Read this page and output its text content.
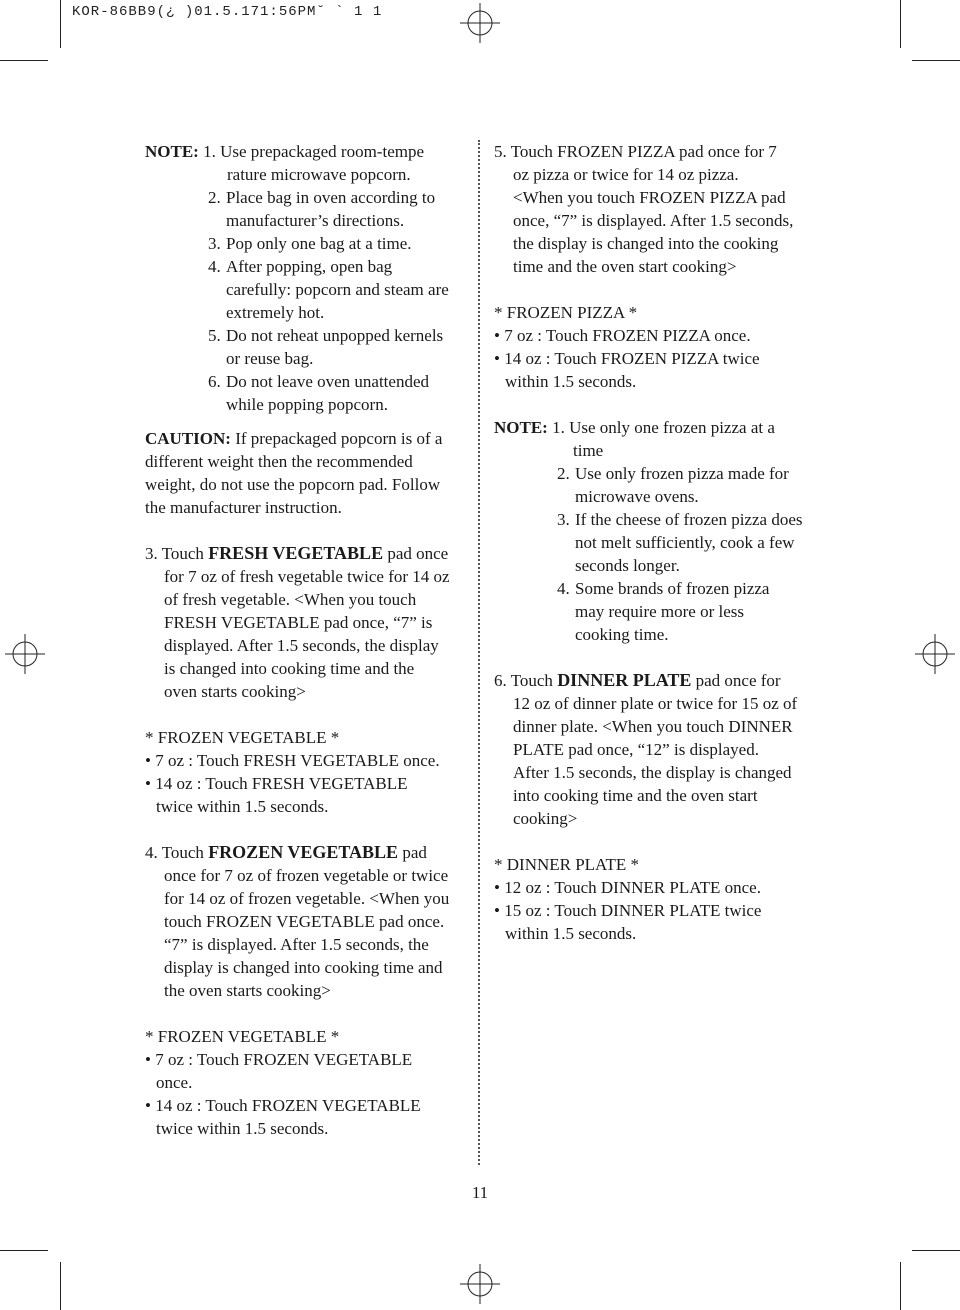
KOR-86BB9(¿ )01.5.171:56PM˘ ` 1 1

NOTE: 1. Use prepackaged room-tempe

rature microwave popcorn.

2. Place bag in oven according to

manufacturer’s directions.

3. Pop only one bag at a time.

4. After popping, open bag

carefully: popcorn and steam are

extremely hot.

5. Do not reheat unpopped kernels

or reuse bag.

6. Do not leave oven unattended

while popping popcorn.

CAUTION: If prepackaged popcorn is of a

different weight then the recommended

weight, do not use the popcorn pad. Follow

the manufacturer instruction.

3. Touch FRESH VEGETABLE pad once

for 7 oz of fresh vegetable twice for 14 oz

of fresh vegetable. <When you touch

FRESH VEGETABLE pad once, “7” is

displayed. After 1.5 seconds, the display

is changed into cooking time and the

oven starts cooking>

* FROZEN VEGETABLE *

• 7 oz : Touch FRESH VEGETABLE once.

• 14 oz : Touch FRESH VEGETABLE

twice within 1.5 seconds.

4. Touch FROZEN VEGETABLE pad

once for 7 oz of frozen vegetable or twice

for 14 oz of frozen vegetable. <When you

touch FROZEN VEGETABLE pad once.

“7” is displayed. After 1.5 seconds, the

display is changed into cooking time and

the oven starts cooking>

* FROZEN VEGETABLE *

• 7 oz : Touch FROZEN VEGETABLE

once.

• 14 oz : Touch FROZEN VEGETABLE

twice within 1.5 seconds.

5. Touch FROZEN PIZZA pad once for 7

oz pizza or twice for 14 oz pizza.

<When you touch FROZEN PIZZA pad

once, “7” is displayed. After 1.5 seconds,

the display is changed into the cooking

time and the oven start cooking>

* FROZEN PIZZA *

• 7 oz : Touch FROZEN PIZZA once.

• 14 oz : Touch FROZEN PIZZA twice

within 1.5 seconds.

NOTE: 1. Use only one frozen pizza at a

time

2. Use only frozen pizza made for

microwave ovens.

3. If the cheese of frozen pizza does

not melt sufficiently, cook a few

seconds longer.

4. Some brands of frozen pizza

may require more or less

cooking time.

6. Touch DINNER PLATE pad once for

12 oz of dinner plate or twice for 15 oz of

dinner plate. <When you touch DINNER

PLATE pad once, “12” is displayed.

After 1.5 seconds, the display is changed

into cooking time and the oven start

cooking>

* DINNER PLATE *

• 12 oz : Touch DINNER PLATE once.

• 15 oz : Touch DINNER PLATE twice

within 1.5 seconds.

11
